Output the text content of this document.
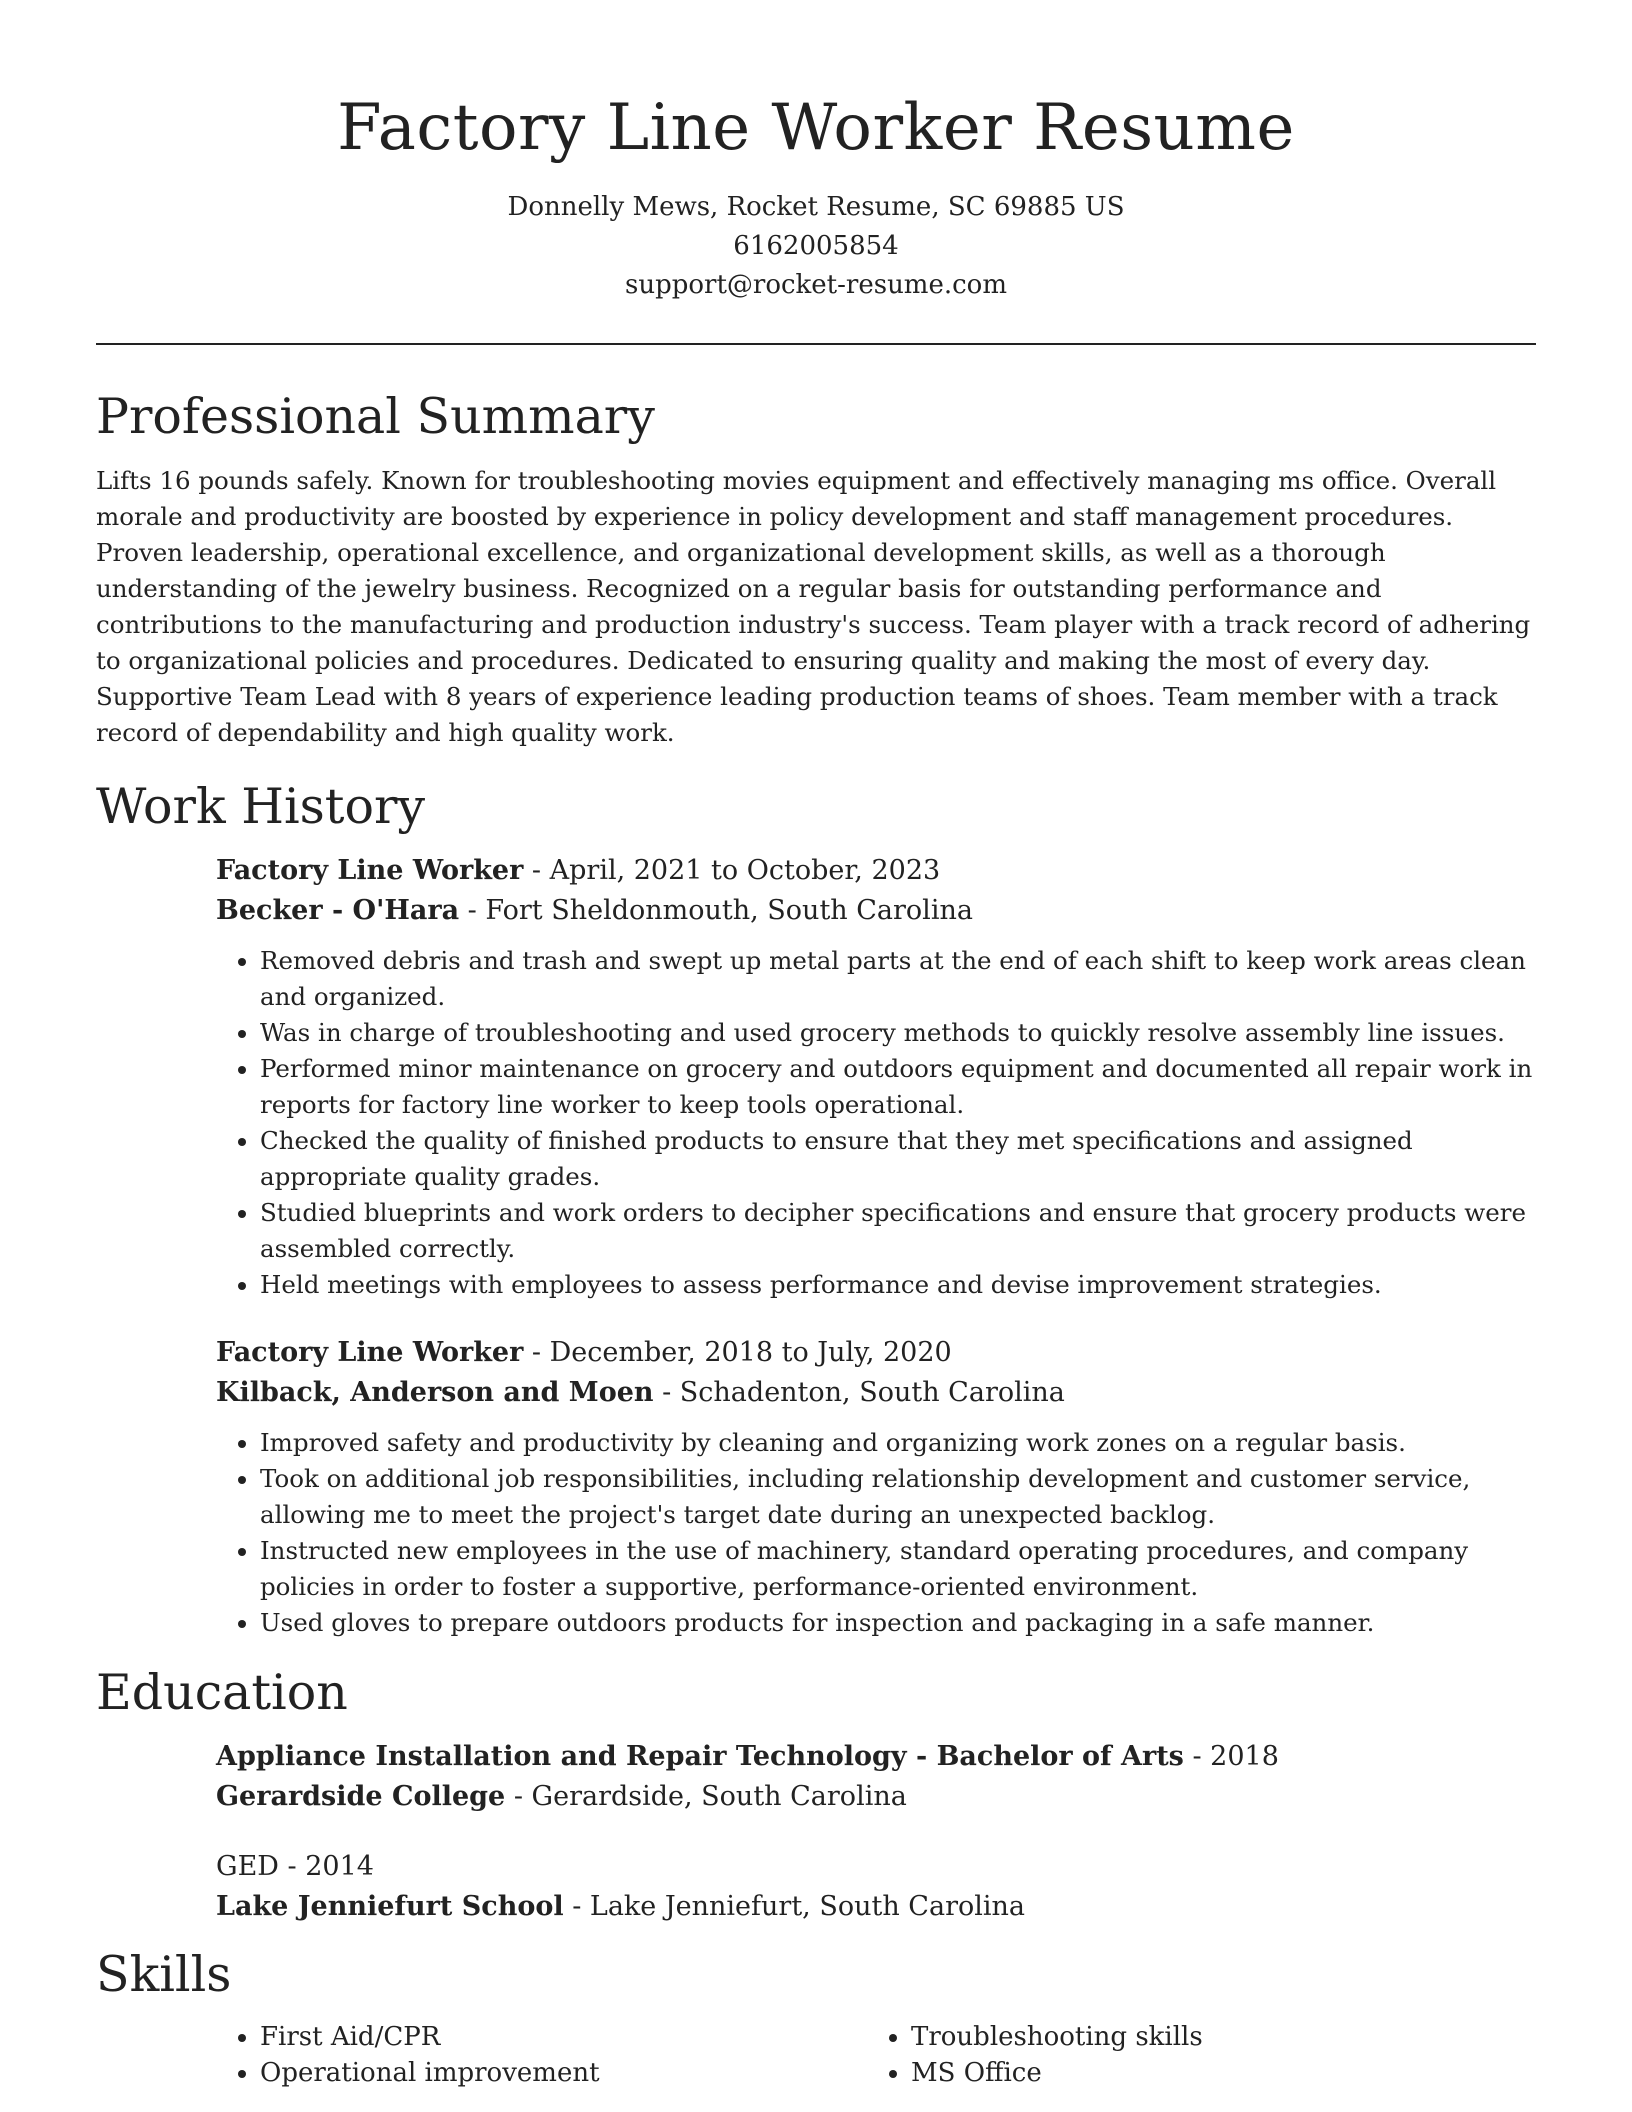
Factory Line Worker Resume
Donnelly Mews, Rocket Resume, SC 69885 US
6162005854
support@rocket-resume.com
Professional Summary

Lifts 16 pounds safely. Known for troubleshooting movies equipment and effectively managing ms office. Overall morale and productivity are boosted by experience in policy development and staff management procedures. Proven leadership, operational excellence, and organizational development skills, as well as a thorough understanding of the jewelry business. Recognized on a regular basis for outstanding performance and contributions to the manufacturing and production industry's success. Team player with a track record of adhering to organizational policies and procedures. Dedicated to ensuring quality and making the most of every day. Supportive Team Lead with 8 years of experience leading production teams of shoes. Team member with a track record of dependability and high quality work.

Work History

Factory Line Worker - April, 2021 to October, 2023

Becker - O'Hara - Fort Sheldonmouth, South Carolina

• Removed debris and trash and swept up metal parts at the end of each shift to keep work areas clean and organized.
• Was in charge of troubleshooting and used grocery methods to quickly resolve assembly line issues.
• Performed minor maintenance on grocery and outdoors equipment and documented all repair work in reports for factory line worker to keep tools operational.
• Checked the quality of finished products to ensure that they met specifications and assigned appropriate quality grades.
• Studied blueprints and work orders to decipher specifications and ensure that grocery products were assembled correctly.
• Held meetings with employees to assess performance and devise improvement strategies.

Factory Line Worker - December, 2018 to July, 2020

Kilback, Anderson and Moen - Schadenton, South Carolina

• Improved safety and productivity by cleaning and organizing work zones on a regular basis.
• Took on additional job responsibilities, including relationship development and customer service, allowing me to meet the project's target date during an unexpected backlog.
• Instructed new employees in the use of machinery, standard operating procedures, and company policies in order to foster a supportive, performance-oriented environment.
• Used gloves to prepare outdoors products for inspection and packaging in a safe manner.
Education

Appliance Installation and Repair Technology - Bachelor of Arts - 2018

Gerardside College - Gerardside, South Carolina

GED - 2014

Lake Jenniefurt School - Lake Jenniefurt, South Carolina

Skills
• First Aid/CPR
• Operational improvement
• Troubleshooting skills
• MS Office
